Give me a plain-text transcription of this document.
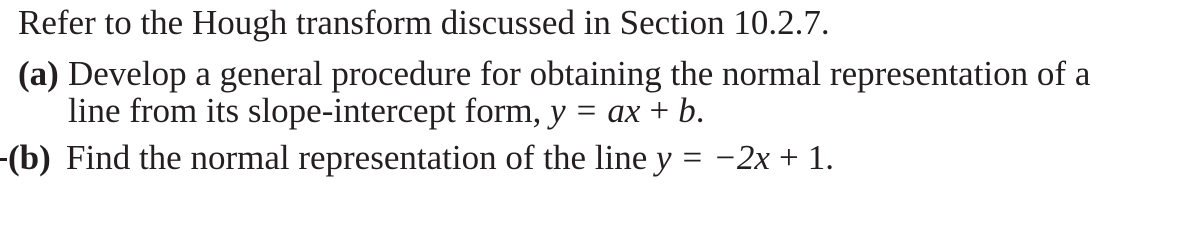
Refer to the Hough transform discussed in Section 10.2.7.
(a) Develop a general procedure for obtaining the normal representation of a
line from its slope-intercept form, y = ax + b.
(b) Find the normal representation of the line y = −2x + 1.
